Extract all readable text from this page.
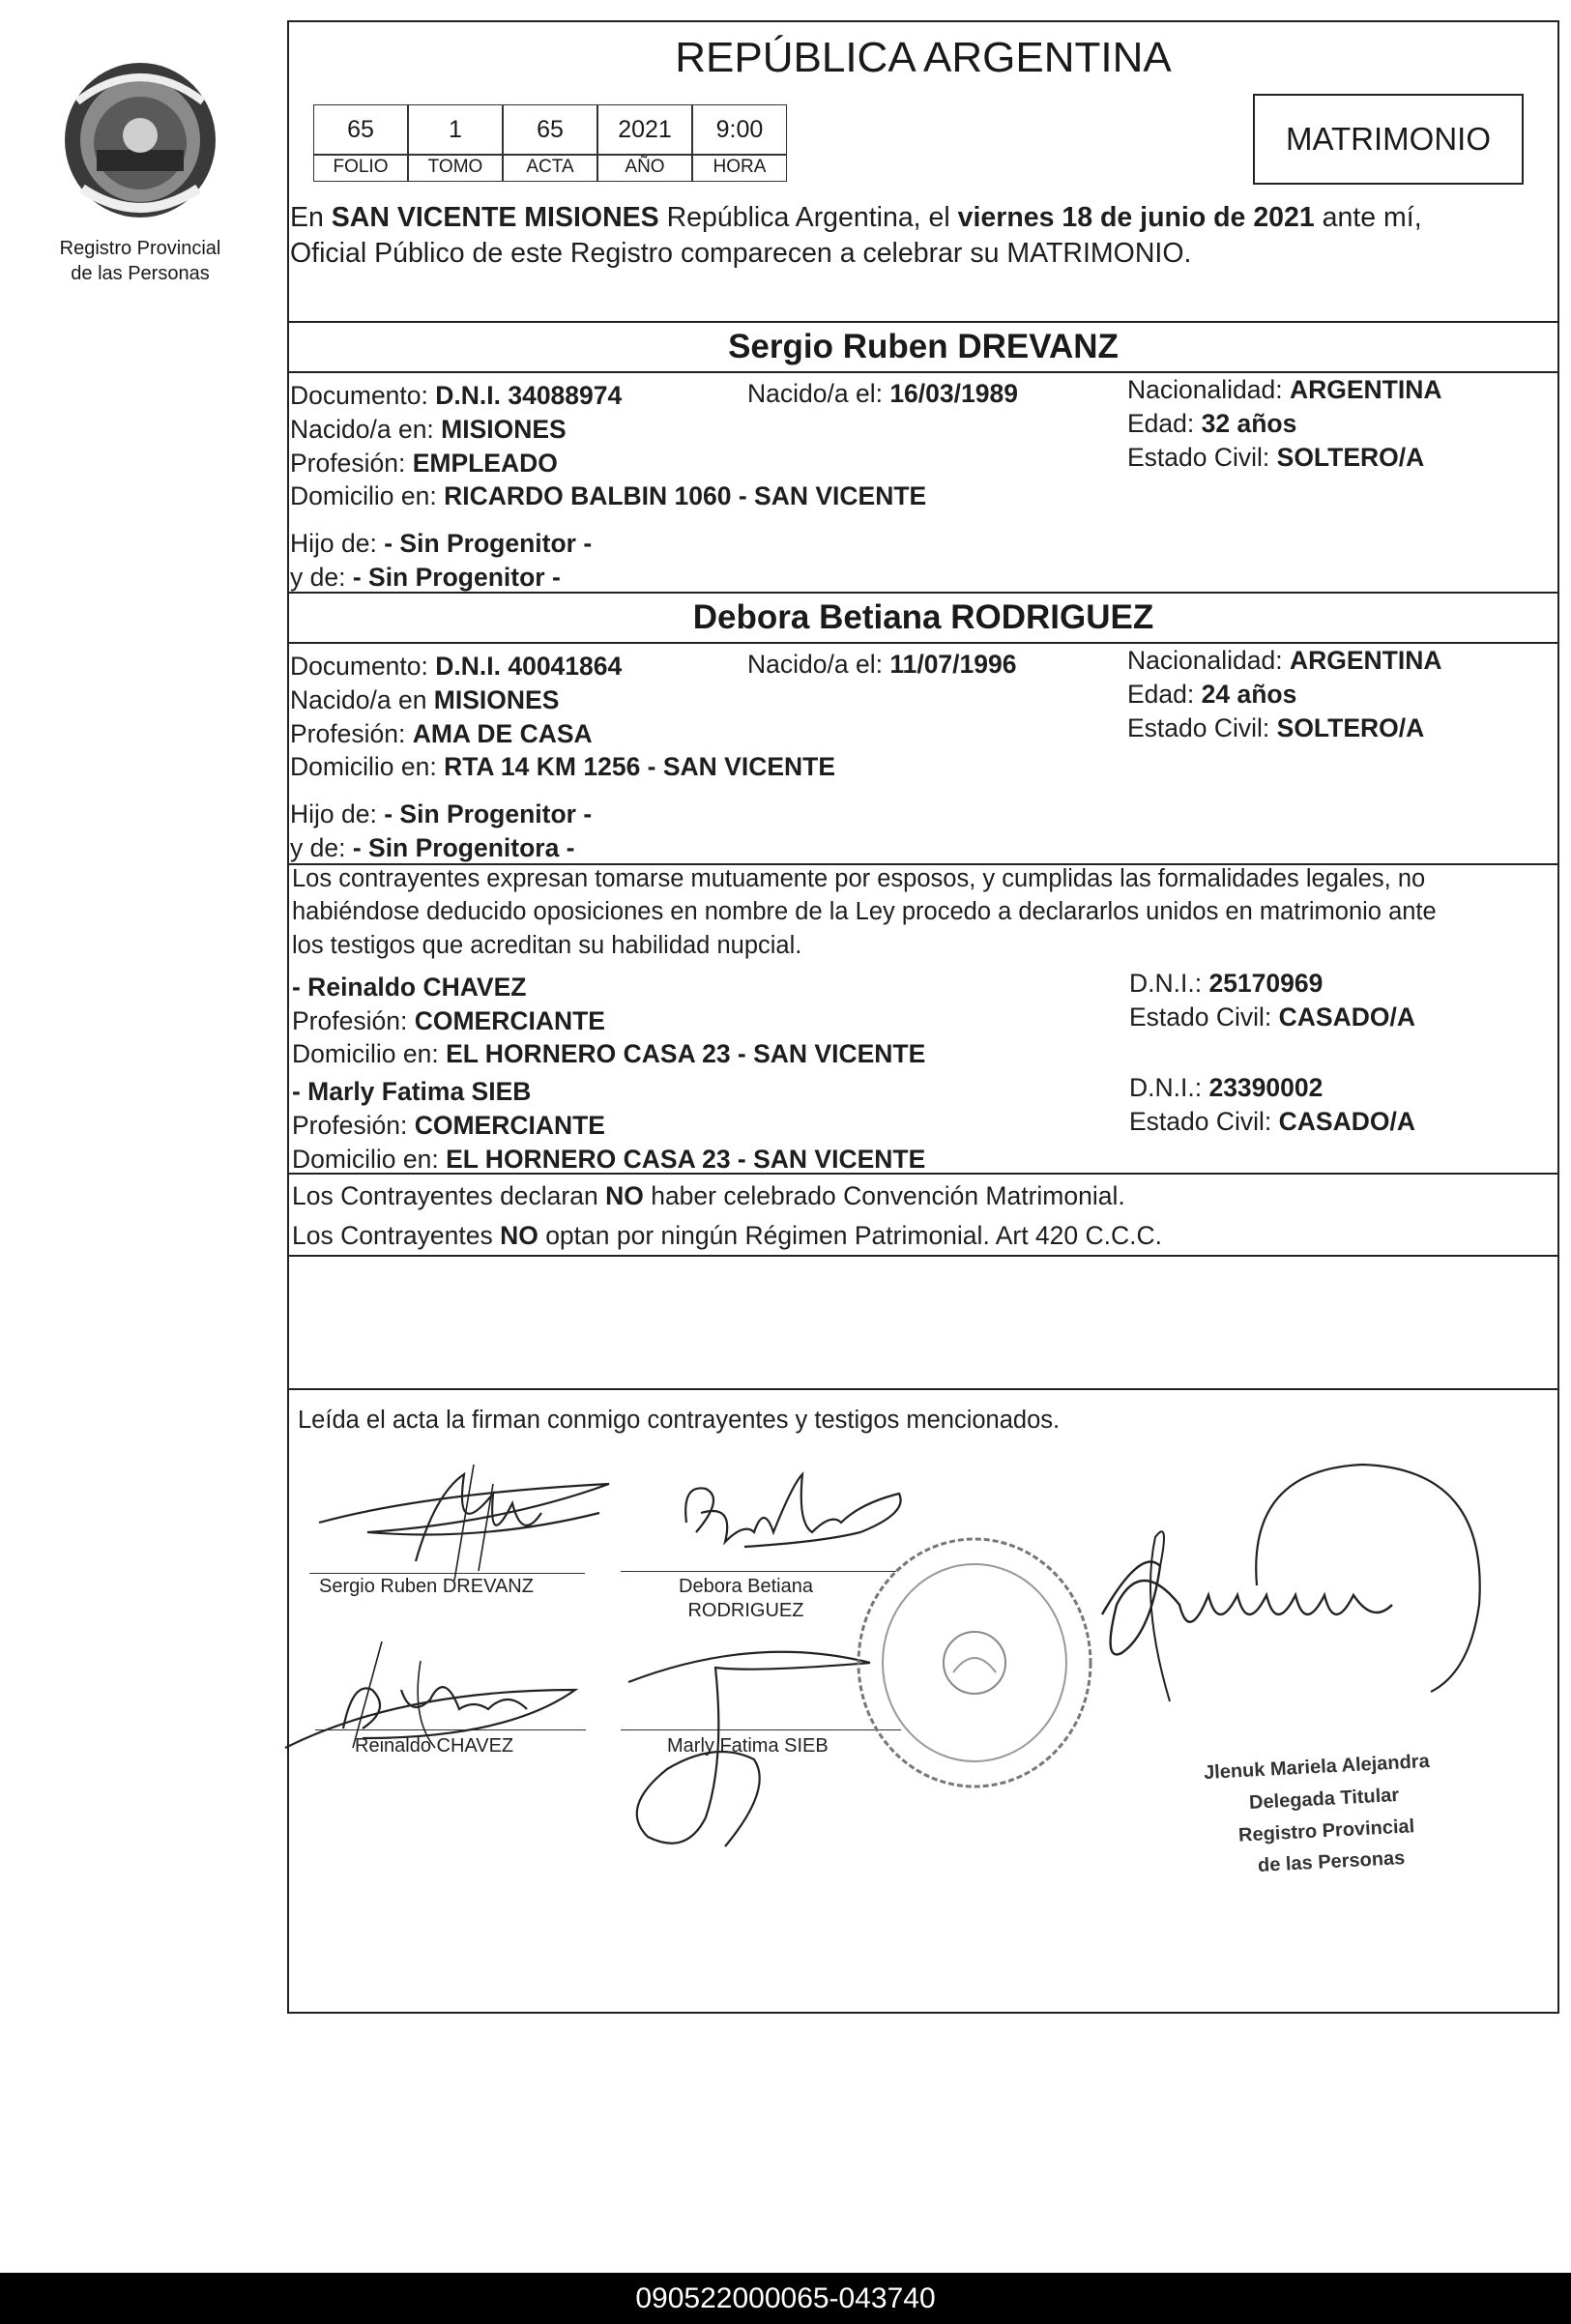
Registro Provincial
de las Personas
REPÚBLICA ARGENTINA
MATRIMONIO
65	1	65	2021	9:00
FOLIO	TOMO	ACTA	AÑO	HORA
En SAN VICENTE MISIONES República Argentina, el viernes 18 de junio de 2021 ante mí,
Oficial Público de este Registro comparecen a celebrar su MATRIMONIO.
Sergio Ruben DREVANZ
Documento: D.N.I. 34088974	Nacido/a el: 16/03/1989	Nacionalidad: ARGENTINA
Nacido/a en: MISIONES	Edad: 32 años
Profesión: EMPLEADO	Estado Civil: SOLTERO/A
Domicilio en: RICARDO BALBIN 1060 - SAN VICENTE
Hijo de: - Sin Progenitor -
y de: - Sin Progenitor -
Debora Betiana RODRIGUEZ
Documento: D.N.I. 40041864	Nacido/a el: 11/07/1996	Nacionalidad: ARGENTINA
Nacido/a en MISIONES	Edad: 24 años
Profesión: AMA DE CASA	Estado Civil: SOLTERO/A
Domicilio en: RTA 14 KM 1256 - SAN VICENTE
Hijo de: - Sin Progenitor -
y de: - Sin Progenitora -
Los contrayentes expresan tomarse mutuamente por esposos, y cumplidas las formalidades legales, no
habiéndose deducido oposiciones en nombre de la Ley procedo a declararlos unidos en matrimonio ante
los testigos que acreditan su habilidad nupcial.
- Reinaldo CHAVEZ
Profesión: COMERCIANTE
Domicilio en: EL HORNERO CASA 23 - SAN VICENTE
D.N.I.: 25170969
Estado Civil: CASADO/A
- Marly Fatima SIEB
Profesión: COMERCIANTE
Domicilio en: EL HORNERO CASA 23 - SAN VICENTE
D.N.I.: 23390002
Estado Civil: CASADO/A
Los Contrayentes declaran NO haber celebrado Convención Matrimonial.
Los Contrayentes NO optan por ningún Régimen Patrimonial. Art 420 C.C.C.
Leída el acta la firman conmigo contrayentes y testigos mencionados.
Sergio Ruben DREVANZ	Debora Betiana
RODRIGUEZ
Reinaldo CHAVEZ	Marly Fatima SIEB
Jlenuk Mariela Alejandra
Delegada Titular
Registro Provincial
de las Personas
090522000065-043740
